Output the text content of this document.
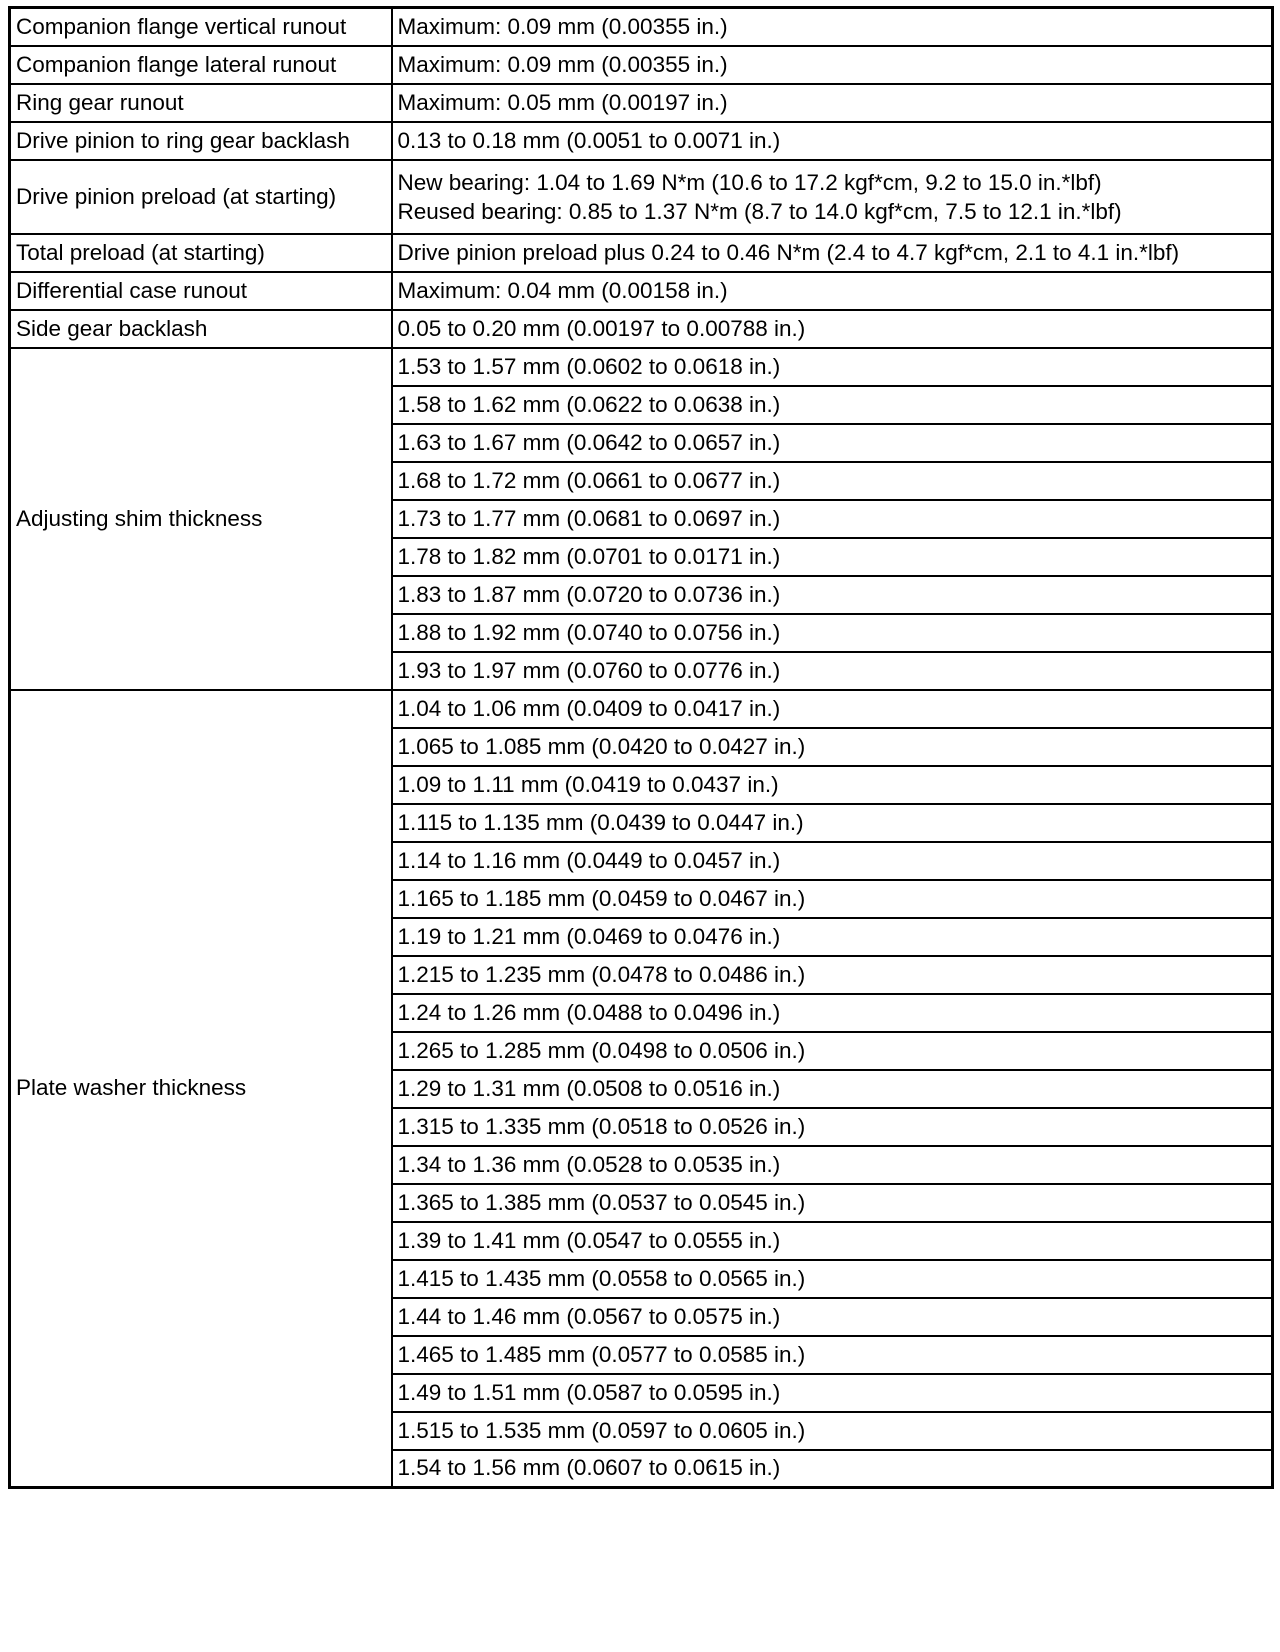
Companion flange vertical runout	Maximum: 0.09 mm (0.00355 in.)
Companion flange lateral runout	Maximum: 0.09 mm (0.00355 in.)
Ring gear runout	Maximum: 0.05 mm (0.00197 in.)
Drive pinion to ring gear backlash	0.13 to 0.18 mm (0.0051 to 0.0071 in.)
Drive pinion preload (at starting)	New bearing: 1.04 to 1.69 N*m (10.6 to 17.2 kgf*cm, 9.2 to 15.0 in.*lbf)
Reused bearing: 0.85 to 1.37 N*m (8.7 to 14.0 kgf*cm, 7.5 to 12.1 in.*lbf)

Total preload (at starting)	Drive pinion preload plus 0.24 to 0.46 N*m (2.4 to 4.7 kgf*cm, 2.1 to 4.1 in.*lbf)
Differential case runout	Maximum: 0.04 mm (0.00158 in.)
Side gear backlash	0.05 to 0.20 mm (0.00197 to 0.00788 in.)
Adjusting shim thickness	1.53 to 1.57 mm (0.0602 to 0.0618 in.)
	1.58 to 1.62 mm (0.0622 to 0.0638 in.)
	1.63 to 1.67 mm (0.0642 to 0.0657 in.)
	1.68 to 1.72 mm (0.0661 to 0.0677 in.)
	1.73 to 1.77 mm (0.0681 to 0.0697 in.)
	1.78 to 1.82 mm (0.0701 to 0.0171 in.)
	1.83 to 1.87 mm (0.0720 to 0.0736 in.)
	1.88 to 1.92 mm (0.0740 to 0.0756 in.)
	1.93 to 1.97 mm (0.0760 to 0.0776 in.)
Plate washer thickness	1.04 to 1.06 mm (0.0409 to 0.0417 in.)
	1.065 to 1.085 mm (0.0420 to 0.0427 in.)
	1.09 to 1.11 mm (0.0419 to 0.0437 in.)
	1.115 to 1.135 mm (0.0439 to 0.0447 in.)
	1.14 to 1.16 mm (0.0449 to 0.0457 in.)
	1.165 to 1.185 mm (0.0459 to 0.0467 in.)
	1.19 to 1.21 mm (0.0469 to 0.0476 in.)
	1.215 to 1.235 mm (0.0478 to 0.0486 in.)
	1.24 to 1.26 mm (0.0488 to 0.0496 in.)
	1.265 to 1.285 mm (0.0498 to 0.0506 in.)
	1.29 to 1.31 mm (0.0508 to 0.0516 in.)
	1.315 to 1.335 mm (0.0518 to 0.0526 in.)
	1.34 to 1.36 mm (0.0528 to 0.0535 in.)
	1.365 to 1.385 mm (0.0537 to 0.0545 in.)
	1.39 to 1.41 mm (0.0547 to 0.0555 in.)
	1.415 to 1.435 mm (0.0558 to 0.0565 in.)
	1.44 to 1.46 mm (0.0567 to 0.0575 in.)
	1.465 to 1.485 mm (0.0577 to 0.0585 in.)
	1.49 to 1.51 mm (0.0587 to 0.0595 in.)
	1.515 to 1.535 mm (0.0597 to 0.0605 in.)
	1.54 to 1.56 mm (0.0607 to 0.0615 in.)
